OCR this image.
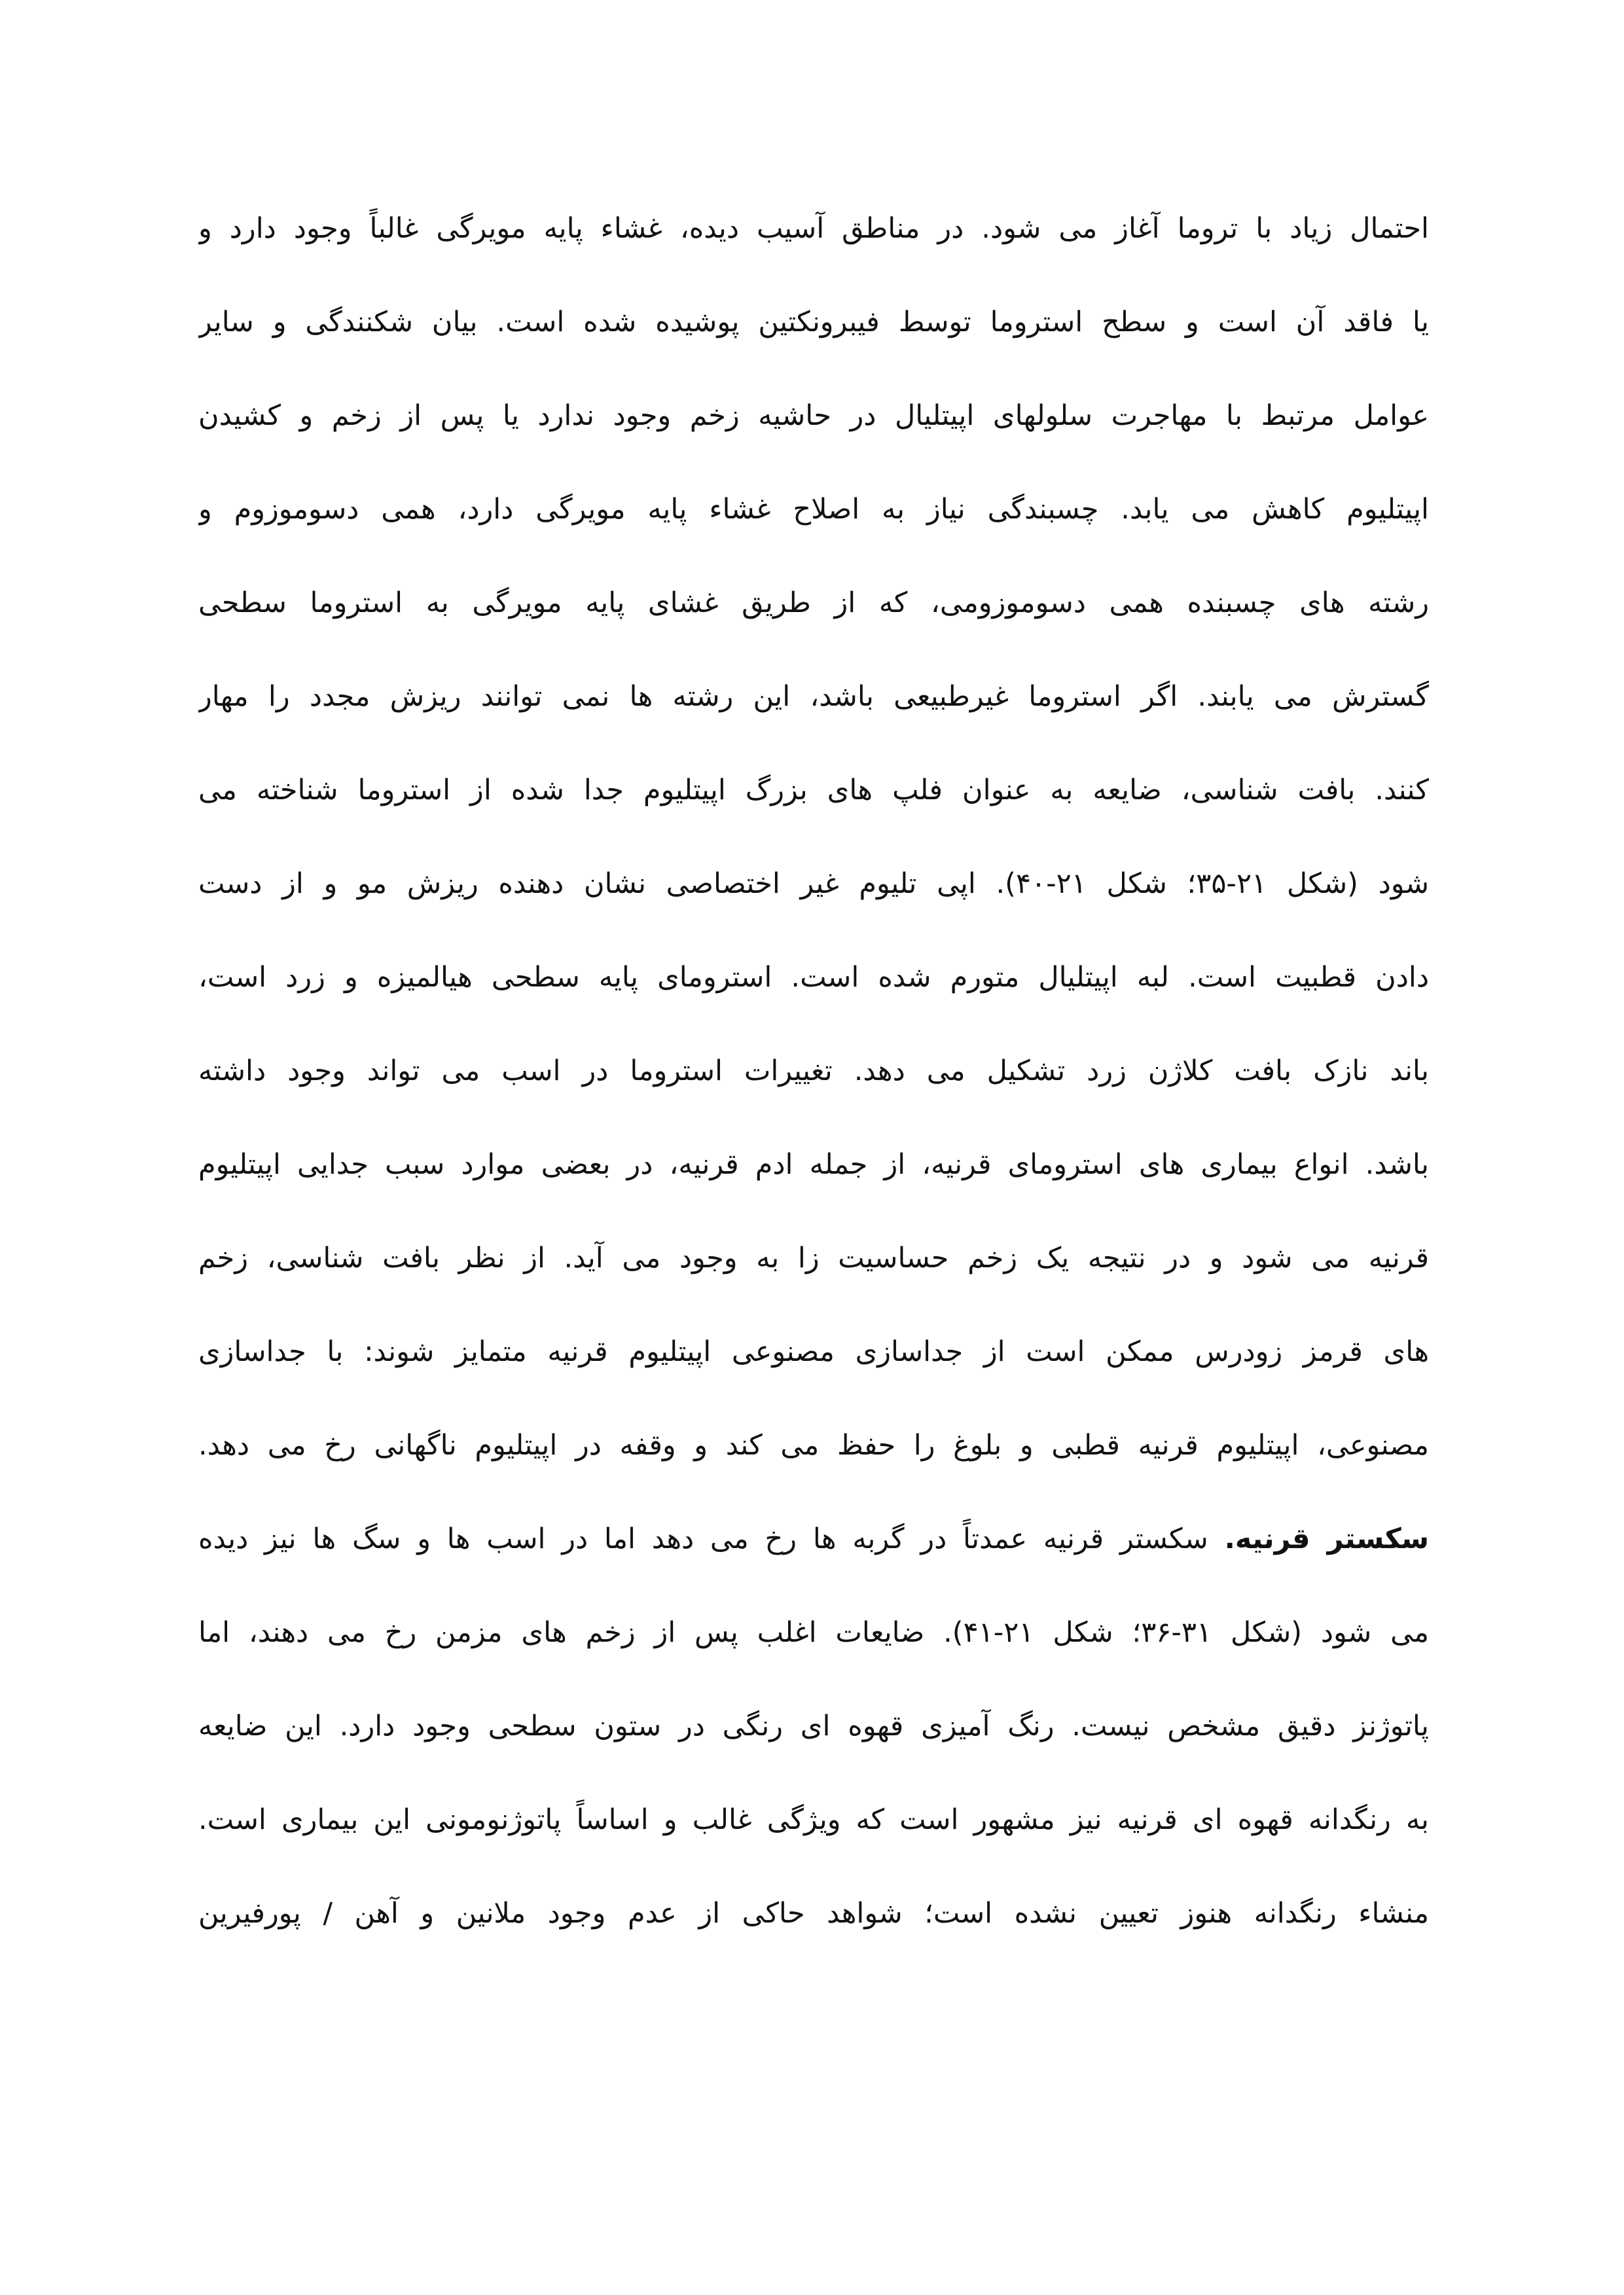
احتمال زیاد با تروما آغاز می شود. در مناطق آسیب دیده، غشاء پایه مویرگی غالباً وجود دارد و
یا فاقد آن است و سطح استروما توسط فیبرونکتین پوشیده شده است. بیان شکنندگی و سایر
عوامل مرتبط با مهاجرت سلولهای اپیتلیال در حاشیه زخم وجود ندارد یا پس از زخم و کشیدن
اپیتلیوم کاهش می یابد. چسبندگی نیاز به اصلاح غشاء پایه مویرگی دارد، همی دسوموزوم و
رشته های چسبنده همی دسوموزومی، که از طریق غشای پایه مویرگی به استروما سطحی
گسترش می یابند. اگر استروما غیرطبیعی باشد، این رشته ها نمی توانند ریزش مجدد را مهار
کنند. بافت شناسی، ضایعه به عنوان فلپ های بزرگ اپیتلیوم جدا شده از استروما شناخته می
شود (شکل ۲۱-۳۵؛ شکل ۲۱-۴۰). اپی تلیوم غیر اختصاصی نشان دهنده ریزش مو و از دست
دادن قطبیت است. لبه اپیتلیال متورم شده است. استرومای پایه سطحی هیالمیزه و زرد است،
باند نازک بافت کلاژن زرد تشکیل می دهد. تغییرات استروما در اسب می تواند وجود داشته
باشد. انواع بیماری های استرومای قرنیه، از جمله ادم قرنیه، در بعضی موارد سبب جدایی اپیتلیوم
قرنیه می شود و در نتیجه یک زخم حساسیت زا به وجود می آید. از نظر بافت شناسی، زخم
های قرمز زودرس ممکن است از جداسازی مصنوعی اپیتلیوم قرنیه متمایز شوند: با جداسازی
مصنوعی، اپیتلیوم قرنیه قطبی و بلوغ را حفظ می کند و وقفه در اپیتلیوم ناگهانی رخ می دهد.
سکستر قرنیه. سکستر قرنیه عمدتاً در گربه ها رخ می دهد اما در اسب ها و سگ ها نیز دیده
می شود (شکل ۳۱-۳۶؛ شکل ۲۱-۴۱). ضایعات اغلب پس از زخم های مزمن رخ می دهند، اما
پاتوژنز دقیق مشخص نیست. رنگ آمیزی قهوه ای رنگی در ستون سطحی وجود دارد. این ضایعه
به رنگدانه قهوه ای قرنیه نیز مشهور است که ویژگی غالب و اساساً پاتوژنومونی این بیماری است.
منشاء رنگدانه هنوز تعیین نشده است؛ شواهد حاکی از عدم وجود ملانین و آهن / پورفیرین
